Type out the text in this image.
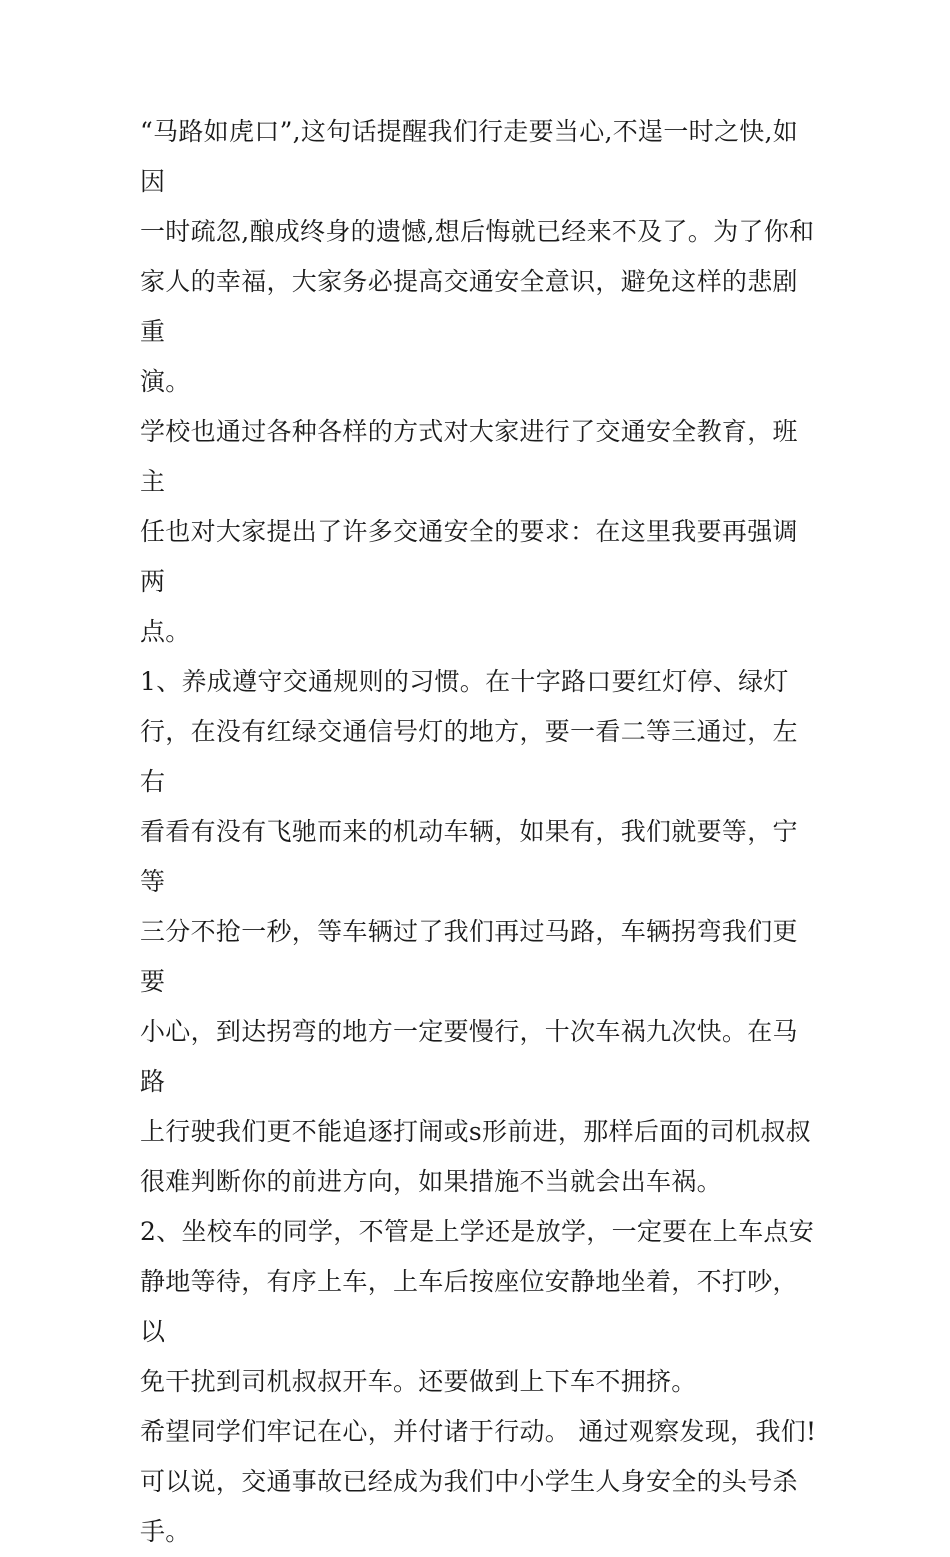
“马路如虎口”,这句话提醒我们行走要当心,不逞一时之快,如因
一时疏忽,酿成终身的遗憾,想后悔就已经来不及了。为了你和
家人的幸福，大家务必提高交通安全意识，避免这样的悲剧重
演。

学校也通过各种各样的方式对大家进行了交通安全教育，班主
任也对大家提出了许多交通安全的要求：在这里我要再强调两
点。

1、养成遵守交通规则的习惯。在十字路口要红灯停、绿灯
行，在没有红绿交通信号灯的地方，要一看二等三通过，左右
看看有没有飞驰而来的机动车辆，如果有，我们就要等，宁等
三分不抢一秒，等车辆过了我们再过马路，车辆拐弯我们更要
小心，到达拐弯的地方一定要慢行，十次车祸九次快。在马路
上行驶我们更不能追逐打闹或s形前进，那样后面的司机叔叔
很难判断你的前进方向，如果措施不当就会出车祸。

2、坐校车的同学，不管是上学还是放学，一定要在上车点安
静地等待，有序上车，上车后按座位安静地坐着，不打吵，以
免干扰到司机叔叔开车。还要做到上下车不拥挤。

希望同学们牢记在心，并付诸于行动。 通过观察发现，我们!
可以说，交通事故已经成为我们中小学生人身安全的头号杀
手。
